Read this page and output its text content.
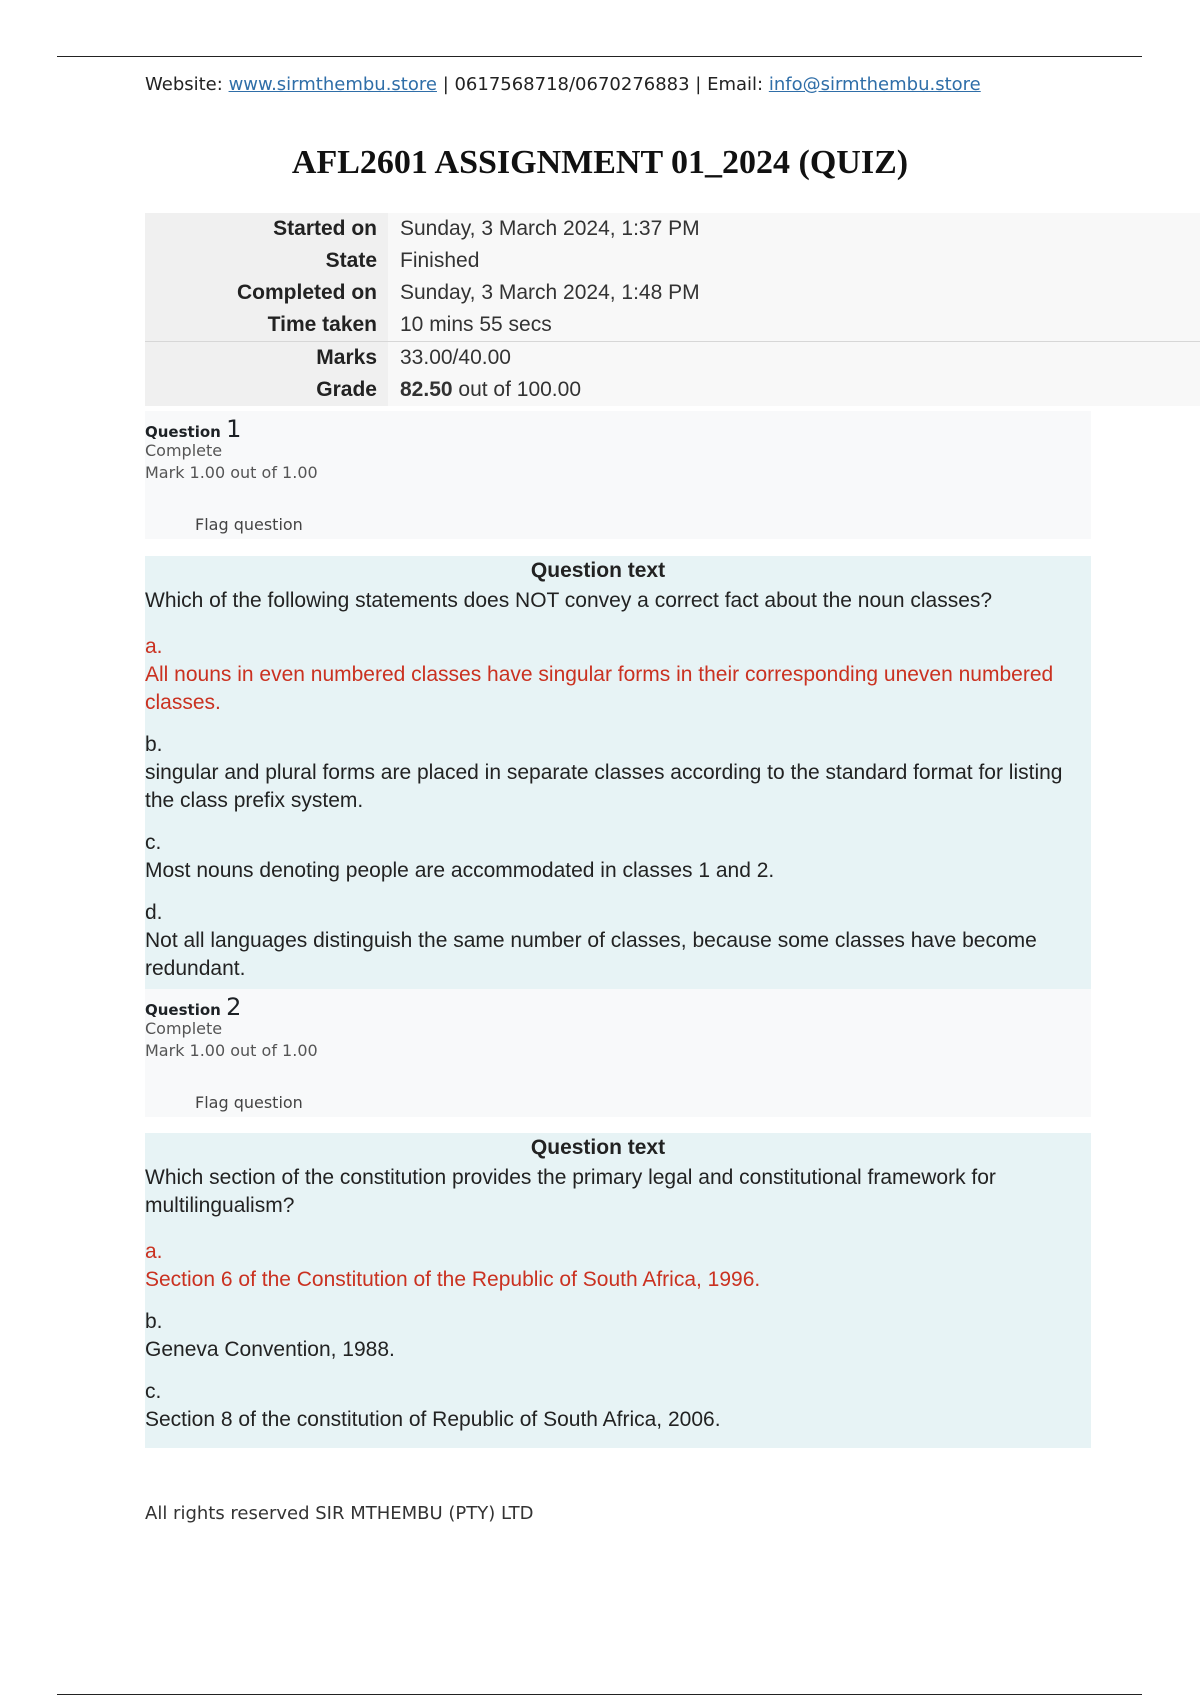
Website: www.sirmthembu.store | 0617568718/0670276883 | Email: info@sirmthembu.store
AFL2601 ASSIGNMENT 01_2024 (QUIZ)
Started on	Sunday, 3 March 2024, 1:37 PM
State	Finished
Completed on	Sunday, 3 March 2024, 1:48 PM
Time taken	10 mins 55 secs
Marks	33.00/40.00
Grade	82.50 out of 100.00
Question 1
Complete
Mark 1.00 out of 1.00
Flag question
Question text
Which of the following statements does NOT convey a correct fact about the noun classes?
a.
All nouns in even numbered classes have singular forms in their corresponding uneven numbered classes.
b.
singular and plural forms are placed in separate classes according to the standard format for listing the class prefix system.
c.
Most nouns denoting people are accommodated in classes 1 and 2.
d.
Not all languages distinguish the same number of classes, because some classes have become redundant.
Question 2
Complete
Mark 1.00 out of 1.00
Flag question
Question text
Which section of the constitution provides the primary legal and constitutional framework for multilingualism?
a.
Section 6 of the Constitution of the Republic of South Africa, 1996.
b.
Geneva Convention, 1988.
c.
Section 8 of the constitution of Republic of South Africa, 2006.
All rights reserved SIR MTHEMBU (PTY) LTD
